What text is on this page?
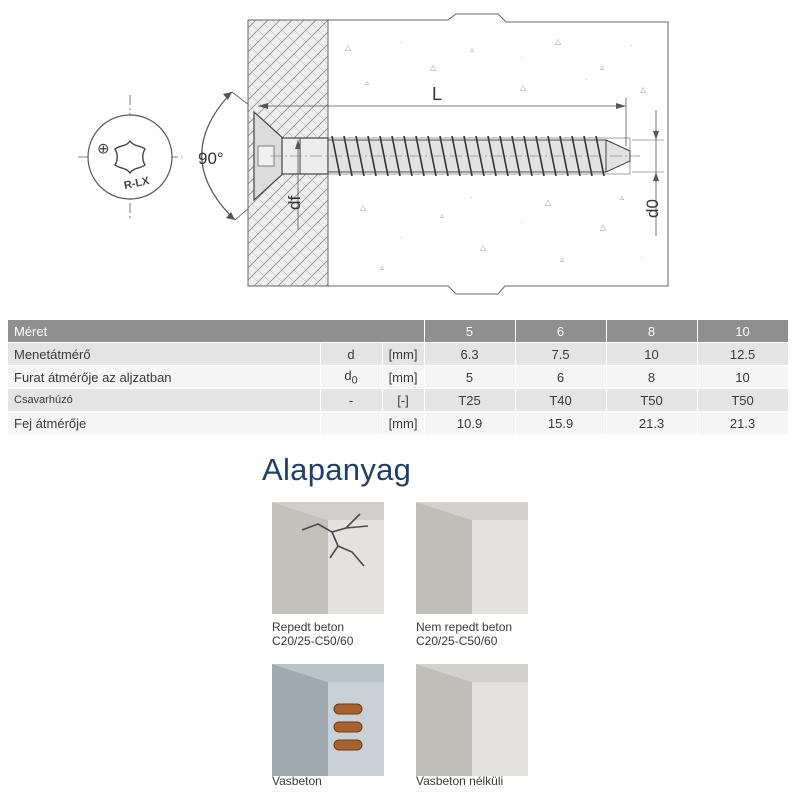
⊕
R-LX
90°
△
·
△
▵
·
△
▵
·
△
▵
△
·
△
·
▵
△
·
▵
△
·
▵
·
△
▵
L
df	d0
Méret			5	6	8	10
Menetátmérő	d	[mm]	6.3	7.5	10	12.5
Furat átmérője az aljzatban	$d_0$	[mm]	5	6	8	10
Csavarhúzó	-	[-]	T25	T40	T50	T50
Fej átmérője		[mm]	10.9	15.9	21.3	21.3
Alapanyag
Repedt beton
C20/25-C50/60
Nem repedt beton
C20/25-C50/60
Vasbeton	Vasbeton nélküli
